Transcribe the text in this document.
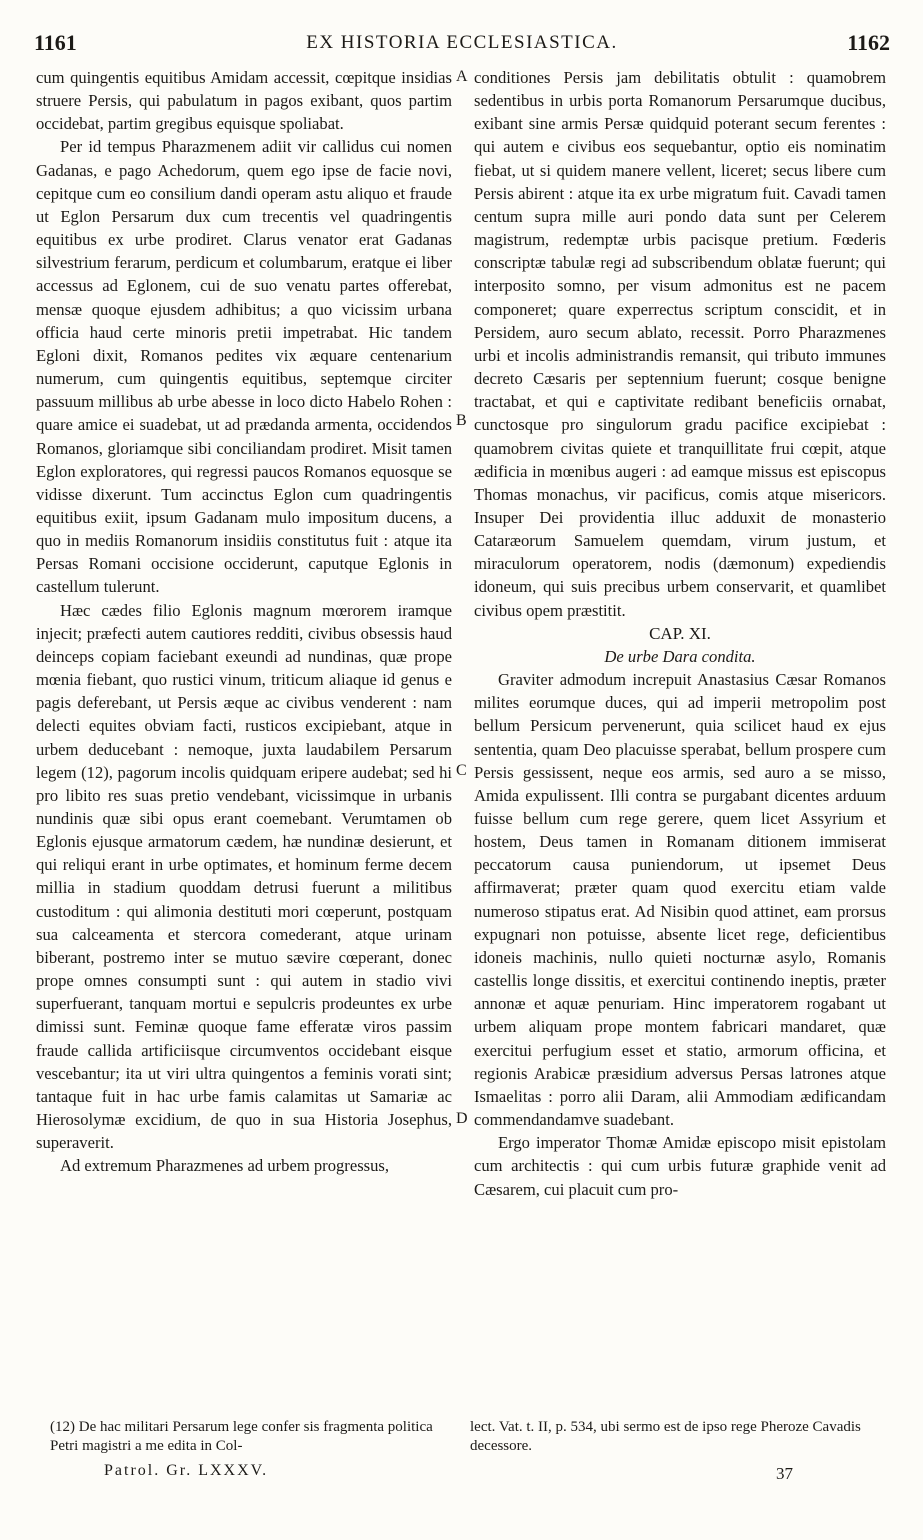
1161	EX HISTORIA ECCLESIASTICA.	1162

cum quingentis equitibus Amidam accessit, cœpitque insidias struere Persis, qui pabulatum in pagos exibant, quos partim occidebat, partim gregibus equisque spoliabat.

Per id tempus Pharazmenem adiit vir callidus cui nomen Gadanas, e pago Achedorum, quem ego ipse de facie novi, cepitque cum eo consilium dandi operam astu aliquo et fraude ut Eglon Persarum dux cum trecentis vel quadringentis equitibus ex urbe prodiret. Clarus venator erat Gadanas silvestrium ferarum, perdicum et columbarum, eratque ei liber accessus ad Eglonem, cui de suo venatu partes offerebat, mensæ quoque ejusdem adhibitus; a quo vicissim urbana officia haud certe minoris pretii impetrabat. Hic tandem Egloni dixit, Romanos pedites vix æquare centenarium numerum, cum quingentis equitibus, septemque circiter passuum millibus ab urbe abesse in loco dicto Habelo Rohen : quare amice ei suadebat, ut ad prædanda armenta, occidendos Romanos, gloriamque sibi conciliandam prodiret. Misit tamen Eglon exploratores, qui regressi paucos Romanos equosque se vidisse dixerunt. Tum accinctus Eglon cum quadringentis equitibus exiit, ipsum Gadanam mulo impositum ducens, a quo in mediis Romanorum insidiis constitutus fuit : atque ita Persas Romani occisione occiderunt, caputque Eglonis in castellum tulerunt.

Hæc cædes filio Eglonis magnum mœrorem iramque injecit; præfecti autem cautiores redditi, civibus obsessis haud deinceps copiam faciebant exeundi ad nundinas, quæ prope mœnia fiebant, quo rustici vinum, triticum aliaque id genus e pagis deferebant, ut Persis æque ac civibus venderent : nam delecti equites obviam facti, rusticos excipiebant, atque in urbem deducebant : nemoque, juxta laudabilem Persarum legem (12), pagorum incolis quidquam eripere audebat; sed hi pro libito res suas pretio vendebant, vicissimque in urbanis nundinis quæ sibi opus erant coemebant. Verumtamen ob Eglonis ejusque armatorum cædem, hæ nundinæ desierunt, et qui reliqui erant in urbe optimates, et hominum ferme decem millia in stadium quoddam detrusi fuerunt a militibus custoditum : qui alimonia destituti mori cœperunt, postquam sua calceamenta et stercora comederant, atque urinam biberant, postremo inter se mutuo sævire cœperant, donec prope omnes consumpti sunt : qui autem in stadio vivi superfuerant, tanquam mortui e sepulcris prodeuntes ex urbe dimissi sunt. Feminæ quoque fame efferatæ viros passim fraude callida artificiisque circumventos occidebant eisque vescebantur; ita ut viri ultra quingentos a feminis vorati sint; tantaque fuit in hac urbe famis calamitas ut Samariæ ac Hierosolymæ excidium, de quo in sua Historia Josephus, superaverit.

Ad extremum Pharazmenes ad urbem progressus,

A
B
C
D

conditiones Persis jam debilitatis obtulit : quamobrem sedentibus in urbis porta Romanorum Persarumque ducibus, exibant sine armis Persæ quidquid poterant secum ferentes : qui autem e civibus eos sequebantur, optio eis nominatim fiebat, ut si quidem manere vellent, liceret; secus libere cum Persis abirent : atque ita ex urbe migratum fuit. Cavadi tamen centum supra mille auri pondo data sunt per Celerem magistrum, redemptæ urbis pacisque pretium. Fœderis conscriptæ tabulæ regi ad subscribendum oblatæ fuerunt; qui interposito somno, per visum admonitus est ne pacem componeret; quare experrectus scriptum conscidit, et in Persidem, auro secum ablato, recessit. Porro Pharazmenes urbi et incolis administrandis remansit, qui tributo immunes decreto Cæsaris per septennium fuerunt; cosque benigne tractabat, et qui e captivitate redibant beneficiis ornabat, cunctosque pro singulorum gradu pacifice excipiebat : quamobrem civitas quiete et tranquillitate frui cœpit, atque ædificia in mœnibus augeri : ad eamque missus est episcopus Thomas monachus, vir pacificus, comis atque misericors. Insuper Dei providentia illuc adduxit de monasterio Cataræorum Samuelem quemdam, virum justum, et miraculorum operatorem, nodis (dæmonum) expediendis idoneum, qui suis precibus urbem conservarit, et quamlibet civibus opem præstitit.

CAP. XI.

De urbe Dara condita.

Graviter admodum increpuit Anastasius Cæsar Romanos milites eorumque duces, qui ad imperii metropolim post bellum Persicum pervenerunt, quia scilicet haud ex ejus sententia, quam Deo placuisse sperabat, bellum prospere cum Persis gessissent, neque eos armis, sed auro a se misso, Amida expulissent. Illi contra se purgabant dicentes arduum fuisse bellum cum rege gerere, quem licet Assyrium et hostem, Deus tamen in Romanam ditionem immiserat peccatorum causa puniendorum, ut ipsemet Deus affirmaverat; præter quam quod exercitu etiam valde numeroso stipatus erat. Ad Nisibin quod attinet, eam prorsus expugnari non potuisse, absente licet rege, deficientibus idoneis machinis, nullo quieti nocturnæ asylo, Romanis castellis longe dissitis, et exercitui continendo ineptis, præter annonæ et aquæ penuriam. Hinc imperatorem rogabant ut urbem aliquam prope montem fabricari mandaret, quæ exercitui perfugium esset et statio, armorum officina, et regionis Arabicæ præsidium adversus Persas latrones atque Ismaelitas : porro alii Daram, alii Ammodiam ædificandam commendandamve suadebant.

Ergo imperator Thomæ Amidæ episcopo misit epistolam cum architectis : qui cum urbis futuræ graphide venit ad Cæsarem, cui placuit cum pro-

(12) De hac militari Persarum lege confer sis fragmenta politica Petri magistri a me edita in Col-
lect. Vat. t. II, p. 534, ubi sermo est de ipso rege Pheroze Cavadis decessore.
Patrol. Gr. LXXXV.	37
